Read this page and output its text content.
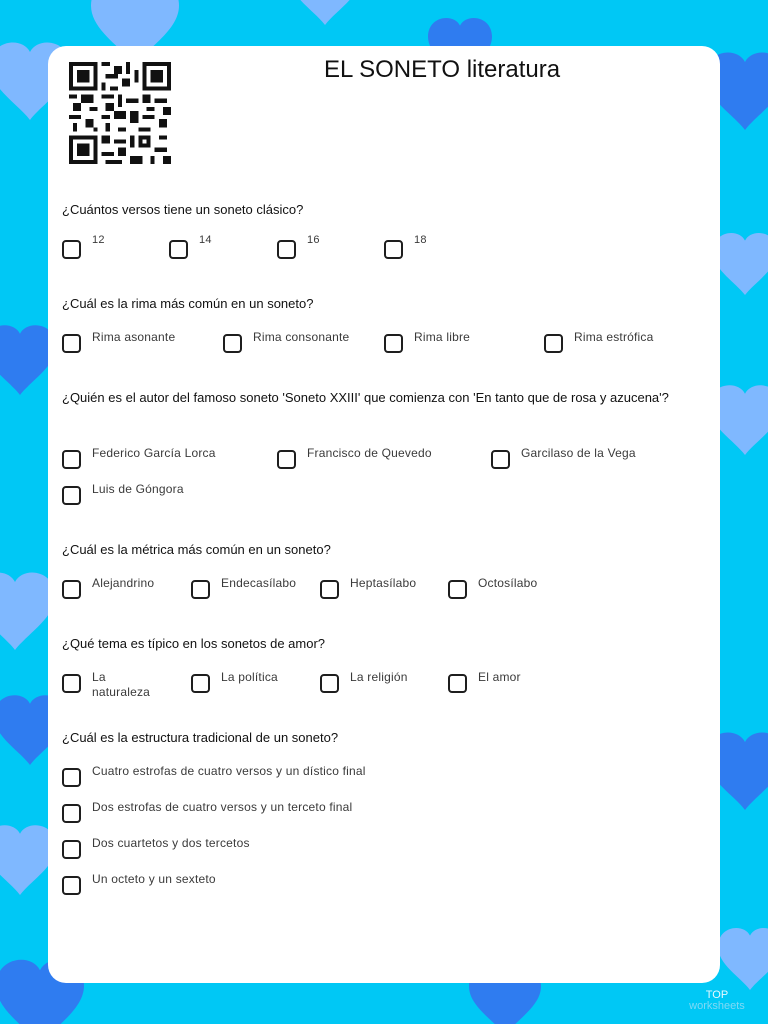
EL SONETO literatura
¿Cuántos versos tiene un soneto clásico?
12	14	16	18
¿Cuál es la rima más común en un soneto?
Rima asonante	Rima consonante	Rima libre	Rima estrófica
¿Quién es el autor del famoso soneto 'Soneto XXIII' que comienza con 'En tanto que de rosa y azucena'?
Federico García Lorca	Francisco de Quevedo	Garcilaso de la Vega
Luis de Góngora
¿Cuál es la métrica más común en un soneto?
Alejandrino	Endecasílabo	Heptasílabo	Octosílabo
¿Qué tema es típico en los sonetos de amor?
La naturaleza
La política	La religión	El amor
¿Cuál es la estructura tradicional de un soneto?
Cuatro estrofas de cuatro versos y un dístico final
Dos estrofas de cuatro versos y un terceto final
Dos cuartetos y dos tercetos
Un octeto y un sexteto
TOP
worksheets
